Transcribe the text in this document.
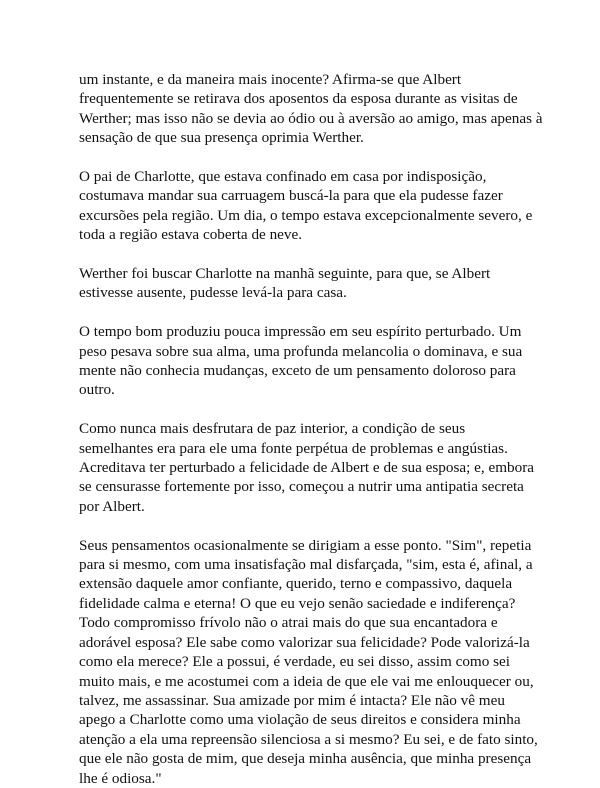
um instante, e da maneira mais inocente? Afirma-se que Albert
frequentemente se retirava dos aposentos da esposa durante as visitas de
Werther; mas isso não se devia ao ódio ou à aversão ao amigo, mas apenas à
sensação de que sua presença oprimia Werther.

O pai de Charlotte, que estava confinado em casa por indisposição,
costumava mandar sua carruagem buscá-la para que ela pudesse fazer
excursões pela região. Um dia, o tempo estava excepcionalmente severo, e
toda a região estava coberta de neve.

Werther foi buscar Charlotte na manhã seguinte, para que, se Albert
estivesse ausente, pudesse levá-la para casa.

O tempo bom produziu pouca impressão em seu espírito perturbado. Um
peso pesava sobre sua alma, uma profunda melancolia o dominava, e sua
mente não conhecia mudanças, exceto de um pensamento doloroso para
outro.

Como nunca mais desfrutara de paz interior, a condição de seus
semelhantes era para ele uma fonte perpétua de problemas e angústias.
Acreditava ter perturbado a felicidade de Albert e de sua esposa; e, embora
se censurasse fortemente por isso, começou a nutrir uma antipatia secreta
por Albert.

Seus pensamentos ocasionalmente se dirigiam a esse ponto. "Sim", repetia
para si mesmo, com uma insatisfação mal disfarçada, "sim, esta é, afinal, a
extensão daquele amor confiante, querido, terno e compassivo, daquela
fidelidade calma e eterna! O que eu vejo senão saciedade e indiferença?
Todo compromisso frívolo não o atrai mais do que sua encantadora e
adorável esposa? Ele sabe como valorizar sua felicidade? Pode valorizá-la
como ela merece? Ele a possui, é verdade, eu sei disso, assim como sei
muito mais, e me acostumei com a ideia de que ele vai me enlouquecer ou,
talvez, me assassinar. Sua amizade por mim é intacta? Ele não vê meu
apego a Charlotte como uma violação de seus direitos e considera minha
atenção a ela uma repreensão silenciosa a si mesmo? Eu sei, e de fato sinto,
que ele não gosta de mim, que deseja minha ausência, que minha presença
lhe é odiosa."
